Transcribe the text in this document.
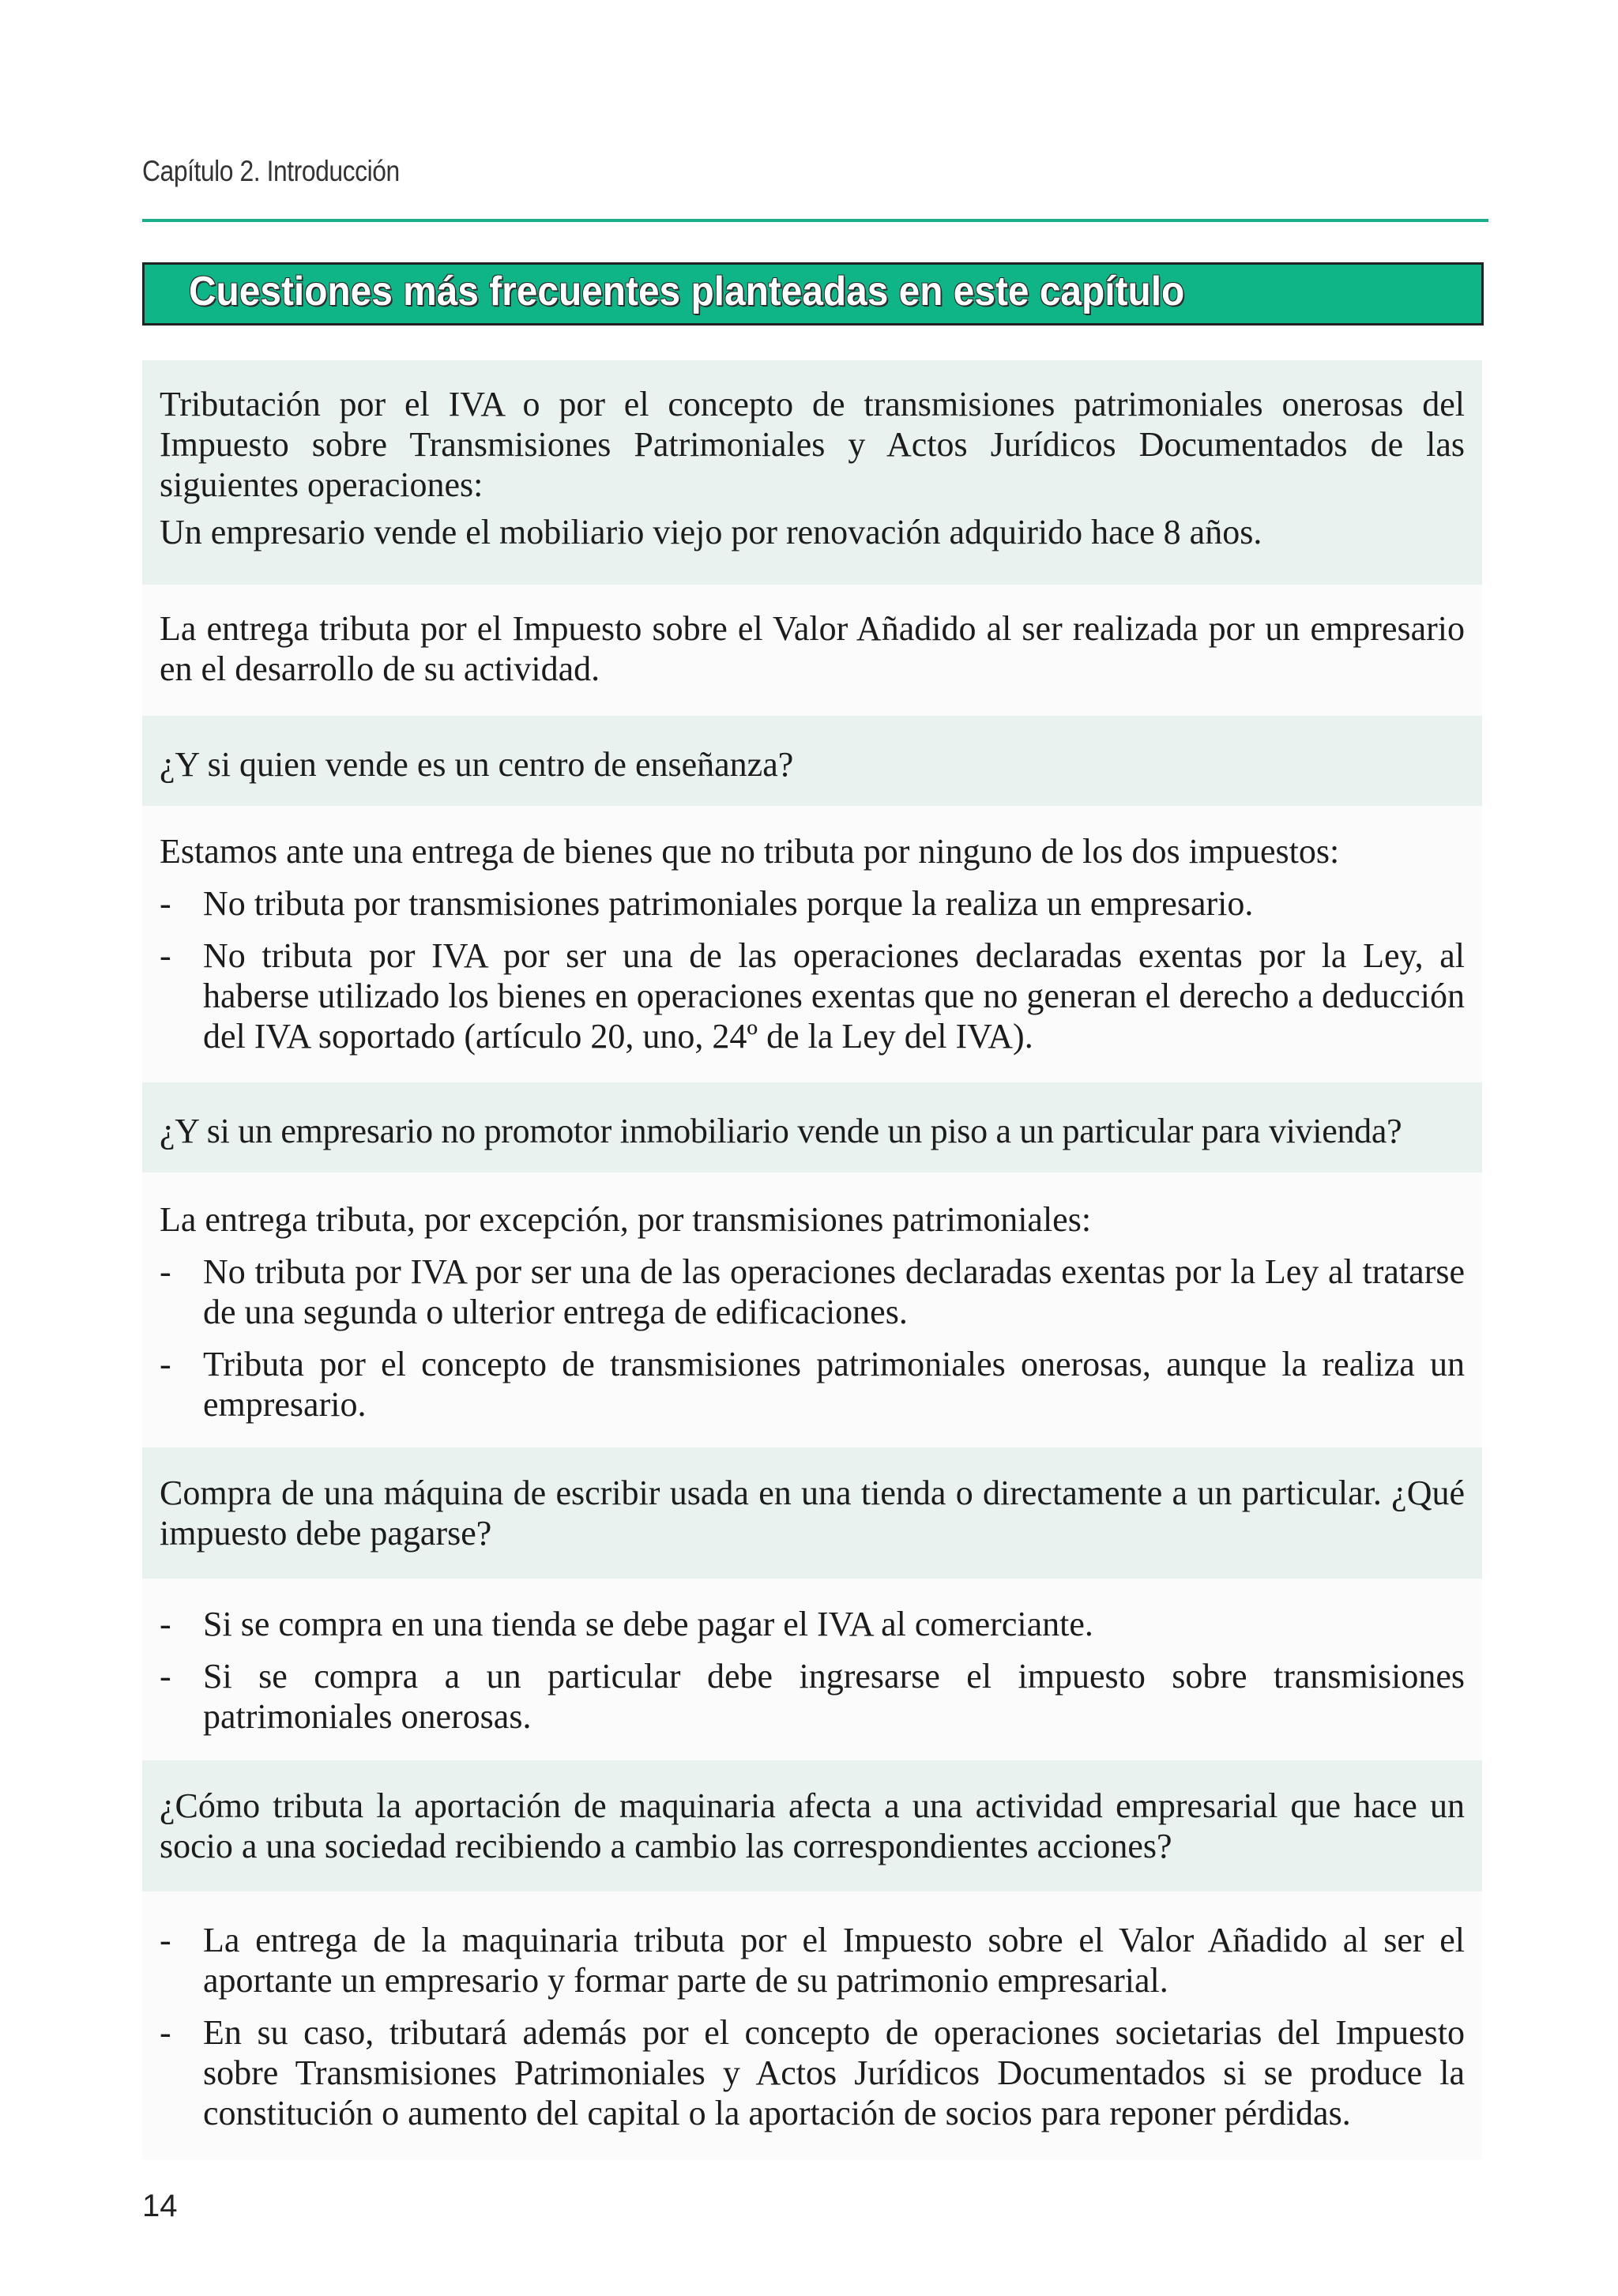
Capítulo 2. Introducción
Cuestiones más frecuentes planteadas en este capítulo

Tributación por el IVA o por el concepto de transmisiones patrimoniales onerosas del Impuesto sobre Transmisiones Patrimoniales y Actos Jurídicos Documentados de las siguientes operaciones:

Un empresario vende el mobiliario viejo por renovación adquirido hace 8 años.

La entrega tributa por el Impuesto sobre el Valor Añadido al ser realizada por un empresario en el desarrollo de su actividad.

¿Y si quien vende es un centro de enseñanza?

Estamos ante una entrega de bienes que no tributa por ninguno de los dos impuestos:

- No tributa por transmisiones patrimoniales porque la realiza un empresario.
- No tributa por IVA por ser una de las operaciones declaradas exentas por la Ley, al haberse utilizado los bienes en operaciones exentas que no generan el derecho a deducción del IVA soportado (artículo 20, uno, 24º de la Ley del IVA).

¿Y si un empresario no promotor inmobiliario vende un piso a un particular para vivienda?

La entrega tributa, por excepción, por transmisiones patrimoniales:

- No tributa por IVA por ser una de las operaciones declaradas exentas por la Ley al tratarse de una segunda o ulterior entrega de edificaciones.
- Tributa por el concepto de transmisiones patrimoniales onerosas, aunque la realiza un empresario.

Compra de una máquina de escribir usada en una tienda o directamente a un particular. ¿Qué impuesto debe pagarse?

- Si se compra en una tienda se debe pagar el IVA al comerciante.
- Si se compra a un particular debe ingresarse el impuesto sobre transmisiones patrimoniales onerosas.

¿Cómo tributa la aportación de maquinaria afecta a una actividad empresarial que hace un socio a una sociedad recibiendo a cambio las correspondientes acciones?

- La entrega de la maquinaria tributa por el Impuesto sobre el Valor Añadido al ser el aportante un empresario y formar parte de su patrimonio empresarial.
- En su caso, tributará además por el concepto de operaciones societarias del Impuesto sobre Transmisiones Patrimoniales y Actos Jurídicos Documentados si se produce la constitución o aumento del capital o la aportación de socios para reponer pérdidas.
14
